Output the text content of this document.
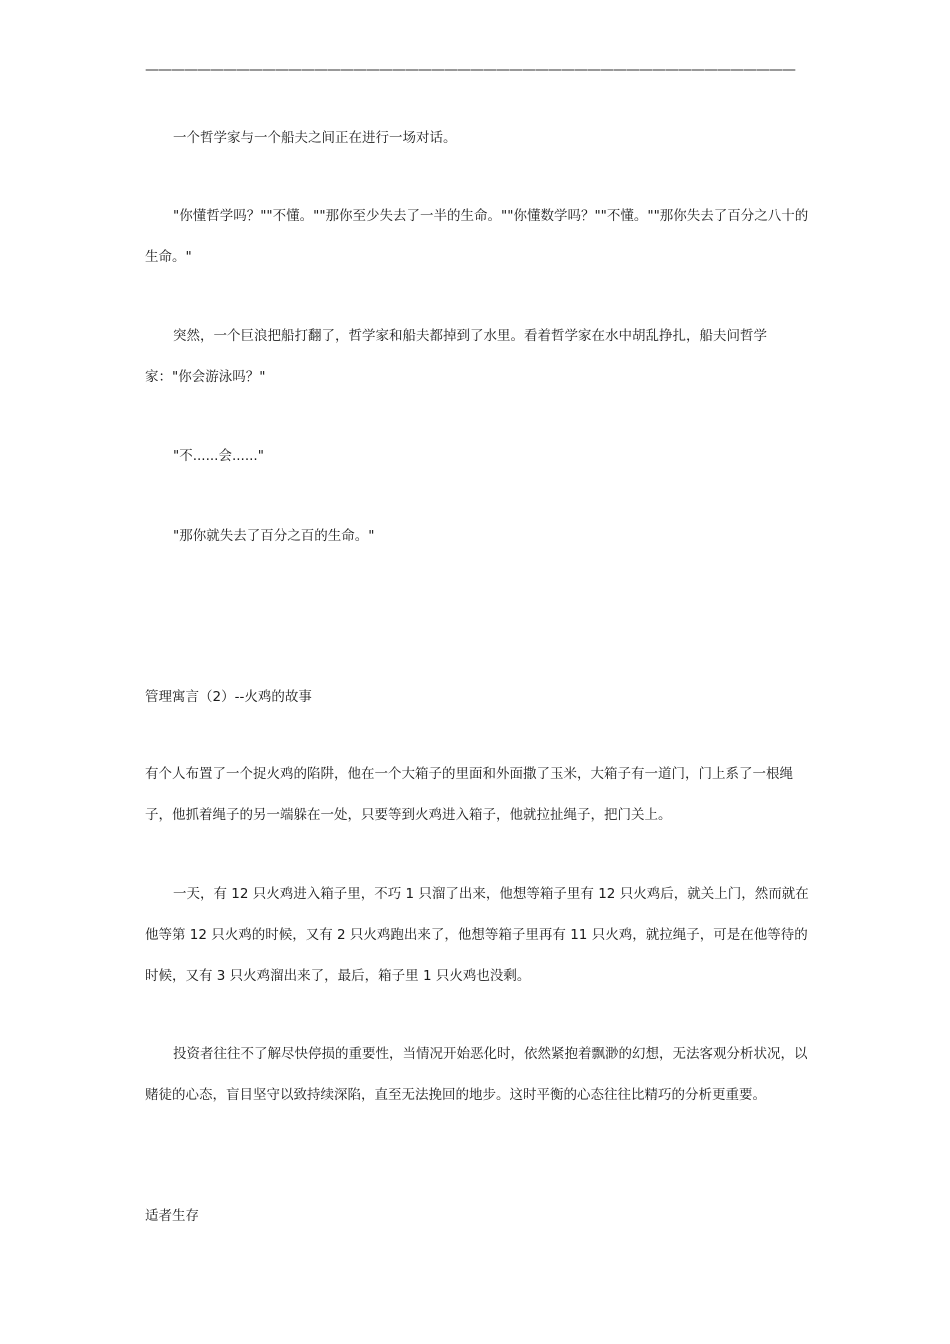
——————————————————————————————————————————————————

一个哲学家与一个船夫之间正在进行一场对话。

"你懂哲学吗？""不懂。""那你至少失去了一半的生命。""你懂数学吗？""不懂。""那你失去了百分之八十的生命。"

突然，一个巨浪把船打翻了，哲学家和船夫都掉到了水里。看着哲学家在水中胡乱挣扎，船夫问哲学家："你会游泳吗？"

"不......会......"

"那你就失去了百分之百的生命。"

管理寓言（2）--火鸡的故事

有个人布置了一个捉火鸡的陷阱，他在一个大箱子的里面和外面撒了玉米，大箱子有一道门，门上系了一根绳子，他抓着绳子的另一端躲在一处，只要等到火鸡进入箱子，他就拉扯绳子，把门关上。

一天，有 12 只火鸡进入箱子里，不巧 1 只溜了出来，他想等箱子里有 12 只火鸡后，就关上门，然而就在他等第 12 只火鸡的时候，又有 2 只火鸡跑出来了，他想等箱子里再有 11 只火鸡，就拉绳子，可是在他等待的时候，又有 3 只火鸡溜出来了，最后，箱子里 1 只火鸡也没剩。

投资者往往不了解尽快停损的重要性，当情况开始恶化时，依然紧抱着飘渺的幻想，无法客观分析状况，以赌徒的心态，盲目坚守以致持续深陷，直至无法挽回的地步。这时平衡的心态往往比精巧的分析更重要。

适者生存
